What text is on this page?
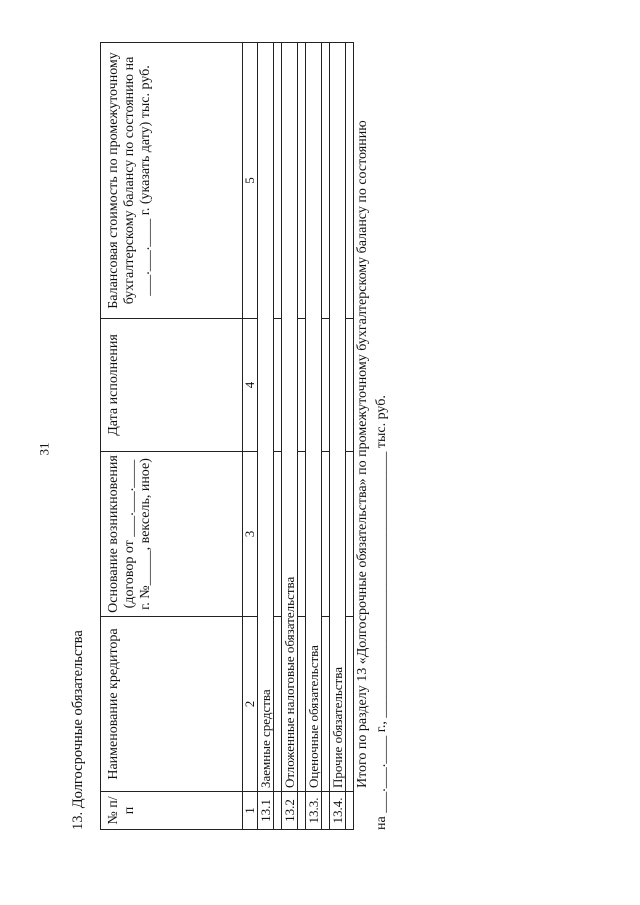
31
13. Долгосрочные обязательства № п/п	Наименование кредитора	Основание возникновения (договор от ___.___.____ г. №_____, вексель, иное)	Дата исполнения	Балансовая стоимость по промежуточному бухгалтерскому балансу по состоянию на ___.___.____ г. (указать дату) тыс. руб.
1	2	3	4	5
13.1	Заемные средства			

13.2	Отложенные налоговые обязательства			

13.3.	Оценочные обязательства			

13.4.	Прочие обязательства			
				Итого по разделу 13 «Долгосрочные обязательства» по промежуточному бухгалтерскому балансу по состоянию на ___.___.____ г., ______________________________________ тыс. руб.
